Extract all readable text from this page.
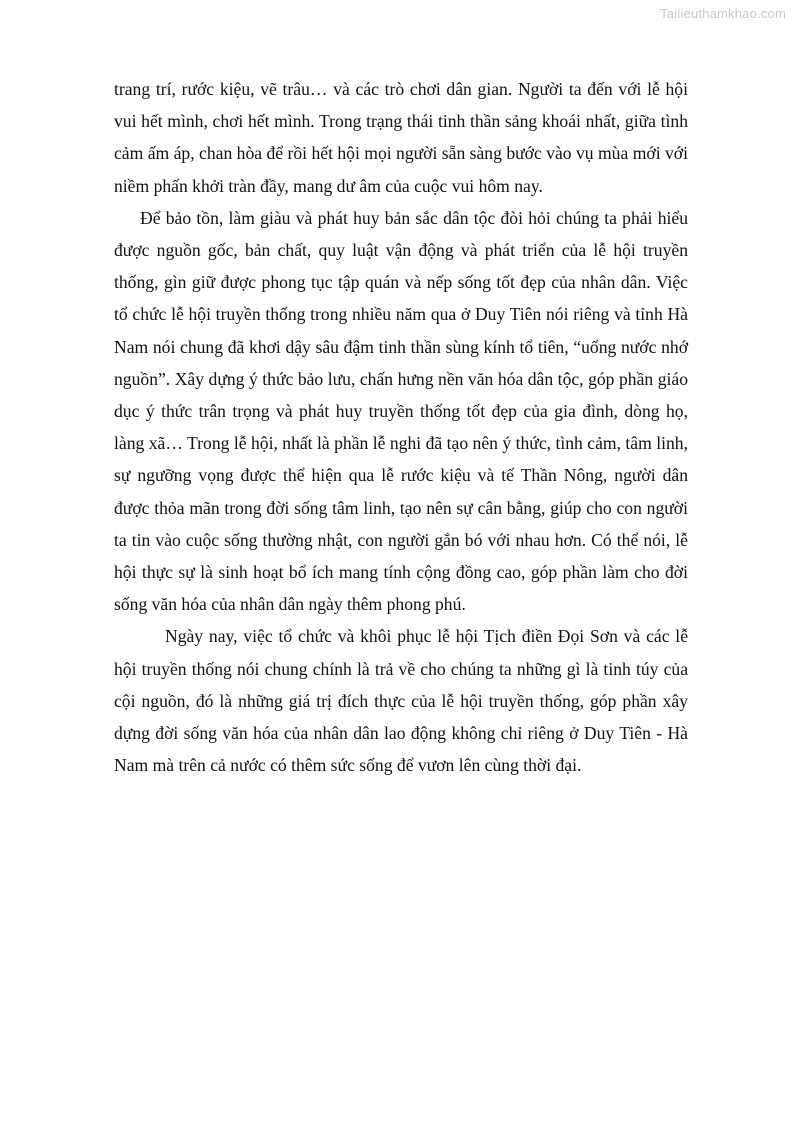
Tailieuthamkhao.com

trang trí, rước kiệu, vẽ trâu… và các trò chơi dân gian. Người ta đến với lễ hội vui hết mình, chơi hết mình. Trong trạng thái tinh thần sảng khoái nhất, giữa tình cảm ấm áp, chan hòa để rồi hết hội mọi người sẵn sàng bước vào vụ mùa mới với niềm phấn khởi tràn đầy, mang dư âm của cuộc vui hôm nay.

Để bảo tồn, làm giàu và phát huy bản sắc dân tộc đòi hỏi chúng ta phải hiểu được nguồn gốc, bản chất, quy luật vận động và phát triển của lễ hội truyền thống, gìn giữ được phong tục tập quán và nếp sống tốt đẹp của nhân dân. Việc tổ chức lễ hội truyền thống trong nhiều năm qua ở Duy Tiên nói riêng và tỉnh Hà Nam nói chung đã khơi dậy sâu đậm tinh thần sùng kính tổ tiên, “uống nước nhớ nguồn”. Xây dựng ý thức bảo lưu, chấn hưng nền văn hóa dân tộc, góp phần giáo dục ý thức trân trọng và phát huy truyền thống tốt đẹp của gia đình, dòng họ, làng xã… Trong lễ hội, nhất là phần lễ nghi đã tạo nên ý thức, tình cảm, tâm linh, sự ngưỡng vọng được thể hiện qua lễ rước kiệu và tế Thần Nông, người dân được thỏa mãn trong đời sống tâm linh, tạo nên sự cân bằng, giúp cho con người ta tin vào cuộc sống thường nhật, con người gắn bó với nhau hơn. Có thể nói, lễ hội thực sự là sinh hoạt bổ ích mang tính cộng đồng cao, góp phần làm cho đời sống văn hóa của nhân dân ngày thêm phong phú.

Ngày nay, việc tổ chức và khôi phục lễ hội Tịch điền Đọi Sơn và các lễ hội truyền thống nói chung chính là trả về cho chúng ta những gì là tinh túy của cội nguồn, đó là những giá trị đích thực của lễ hội truyền thống, góp phần xây dựng đời sống văn hóa của nhân dân lao động không chỉ riêng ở Duy Tiên - Hà Nam mà trên cả nước có thêm sức sống để vươn lên cùng thời đại.
